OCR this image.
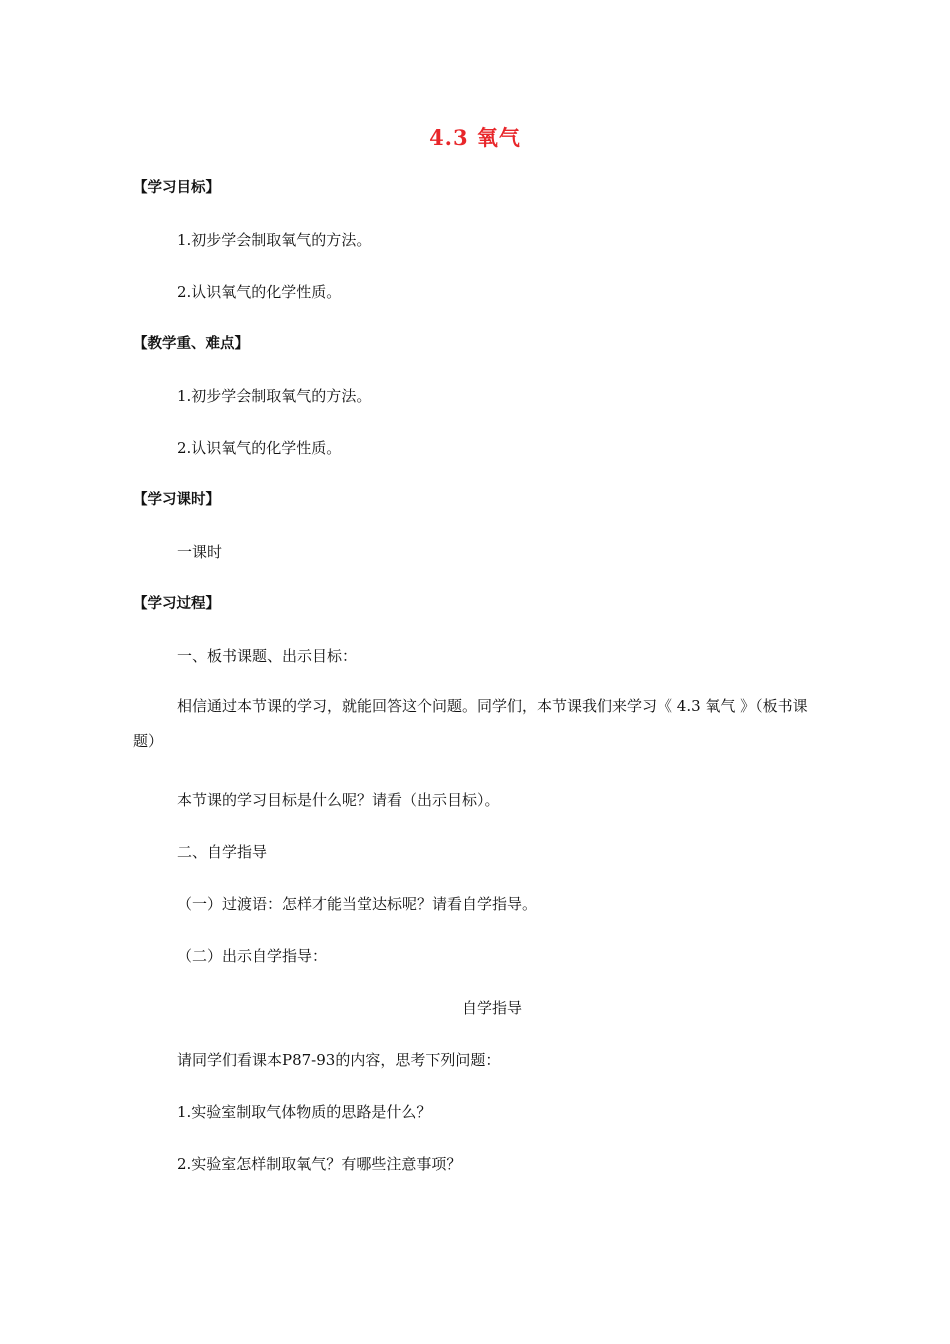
4.3 氧气
【学习目标】
1.初步学会制取氧气的方法。
2.认识氧气的化学性质。
【教学重、难点】
1.初步学会制取氧气的方法。
2.认识氧气的化学性质。
【学习课时】
一课时
【学习过程】
一、板书课题、出示目标：
相信通过本节课的学习，就能回答这个问题。同学们，本节课我们来学习《 4.3 氧气 》（板书课题）
本节课的学习目标是什么呢？请看（出示目标）。
二、自学指导
（一）过渡语：怎样才能当堂达标呢？请看自学指导。
（二）出示自学指导：
自学指导
请同学们看课本P87-93的内容，思考下列问题：
1.实验室制取气体物质的思路是什么？
2.实验室怎样制取氧气？有哪些注意事项？
